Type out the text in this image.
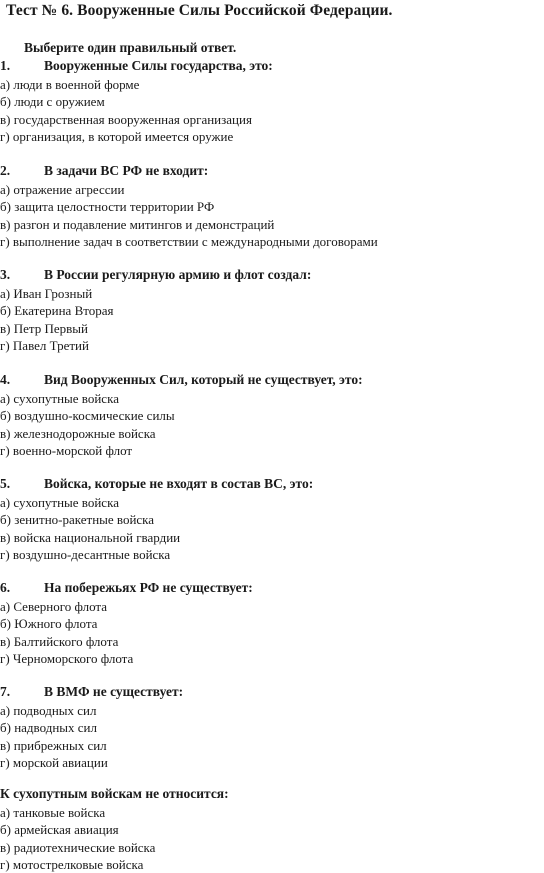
Тест № 6. Вооруженные Силы Российской Федерации.
Выберите один правильный ответ.
1.	Вооруженные Силы государства, это:
а) люди в военной форме
б) люди с оружием
в) государственная вооруженная организация
г) организация, в которой имеется оружие
2.	В задачи ВС РФ не входит:
а) отражение агрессии
б) защита целостности территории РФ
в) разгон и подавление митингов и демонстраций
г) выполнение задач в соответствии с международными договорами
3.	В России регулярную армию и флот создал:
а) Иван Грозный
б) Екатерина Вторая
в) Петр Первый
г) Павел Третий
4.	Вид Вооруженных Сил, который не существует, это:
а) сухопутные войска
б) воздушно-космические силы
в) железнодорожные войска
г) военно-морской флот
5.	Войска, которые не входят в состав ВС, это:
а) сухопутные войска
б) зенитно-ракетные войска
в) войска национальной гвардии
г) воздушно-десантные войска
6.	На побережьях РФ не существует:
а) Северного флота
б) Южного флота
в) Балтийского флота
г) Черноморского флота
7.	В ВМФ не существует:
а) подводных сил
б) надводных сил
в) прибрежных сил
г) морской авиации
К сухопутным войскам не относится:
а) танковые войска
б) армейская авиация
в) радиотехнические войска
г) мотострелковые войска
